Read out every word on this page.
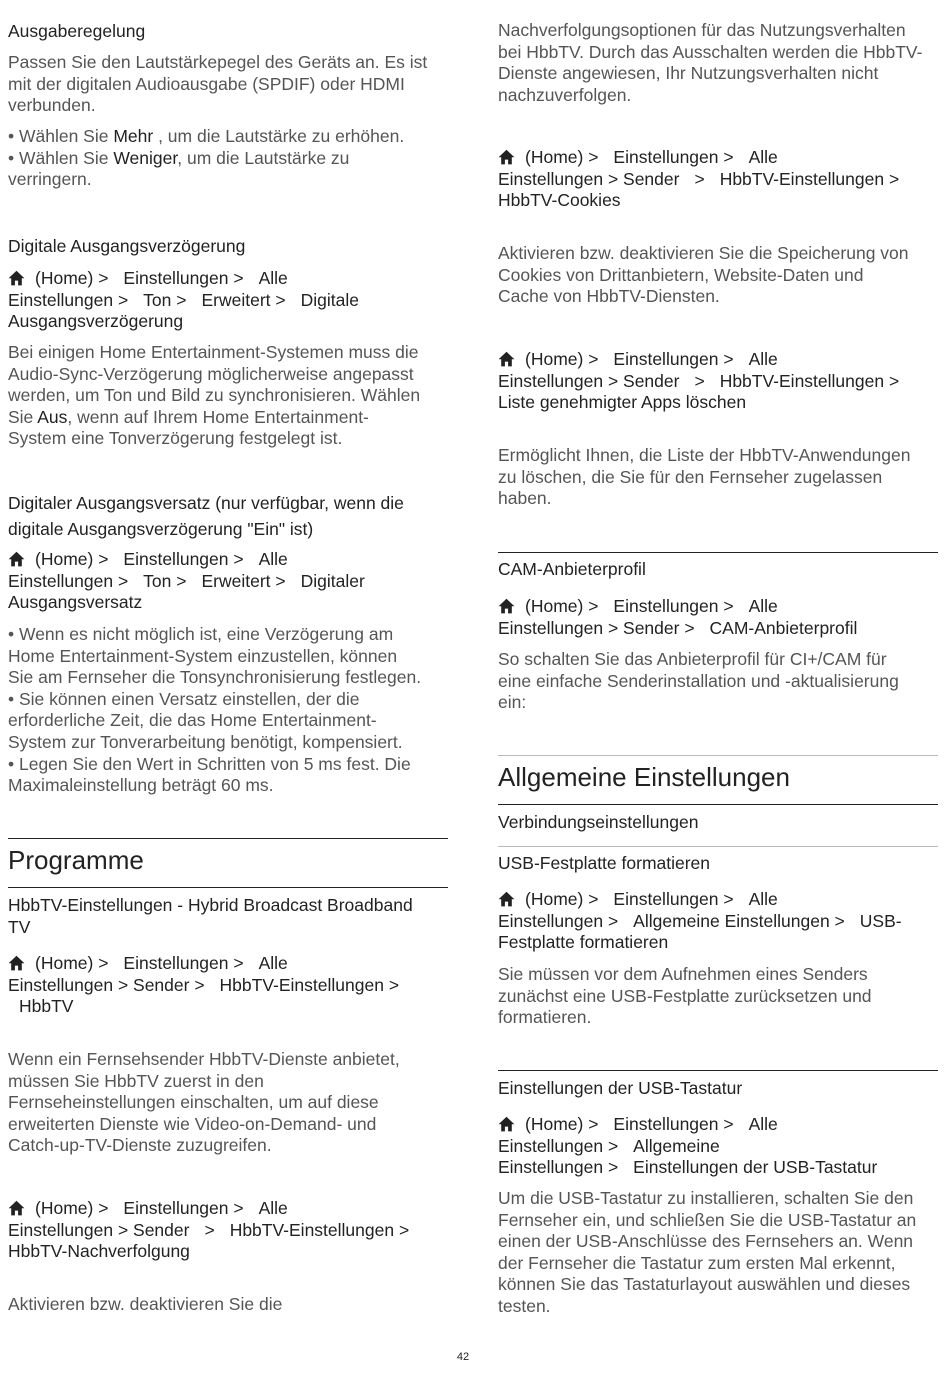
Ausgaberegelung
Passen Sie den Lautstärkepegel des Geräts an. Es ist
mit der digitalen Audioausgabe (SPDIF) oder HDMI
verbunden.
• Wählen Sie Mehr , um die Lautstärke zu erhöhen.
• Wählen Sie Weniger, um die Lautstärke zu
verringern.
Digitale Ausgangsverzögerung
(Home) > Einstellungen > Alle
Einstellungen > Ton > Erweitert > Digitale
Ausgangsverzögerung
Bei einigen Home Entertainment-Systemen muss die
Audio-Sync-Verzögerung möglicherweise angepasst
werden, um Ton und Bild zu synchronisieren. Wählen
Sie Aus, wenn auf Ihrem Home Entertainment-
System eine Tonverzögerung festgelegt ist.
Digitaler Ausgangsversatz (nur verfügbar, wenn die
digitale Ausgangsverzögerung "Ein" ist)
(Home) > Einstellungen > Alle
Einstellungen > Ton > Erweitert > Digitaler
Ausgangsversatz
• Wenn es nicht möglich ist, eine Verzögerung am
Home Entertainment-System einzustellen, können
Sie am Fernseher die Tonsynchronisierung festlegen.
• Sie können einen Versatz einstellen, der die
erforderliche Zeit, die das Home Entertainment-
System zur Tonverarbeitung benötigt, kompensiert.
• Legen Sie den Wert in Schritten von 5 ms fest. Die
Maximaleinstellung beträgt 60 ms.
Programme
HbbTV-Einstellungen - Hybrid Broadcast Broadband
TV
(Home) > Einstellungen > Alle
Einstellungen > Sender > HbbTV-Einstellungen >
HbbTV
Wenn ein Fernsehsender HbbTV-Dienste anbietet,
müssen Sie HbbTV zuerst in den
Fernseheinstellungen einschalten, um auf diese
erweiterten Dienste wie Video-on-Demand- und
Catch-up-TV-Dienste zuzugreifen.
(Home) > Einstellungen > Alle
Einstellungen > Sender > HbbTV-Einstellungen >
HbbTV-Nachverfolgung
Aktivieren bzw. deaktivieren Sie die
Nachverfolgungsoptionen für das Nutzungsverhalten
bei HbbTV. Durch das Ausschalten werden die HbbTV-
Dienste angewiesen, Ihr Nutzungsverhalten nicht
nachzuverfolgen.
(Home) > Einstellungen > Alle
Einstellungen > Sender > HbbTV-Einstellungen >
HbbTV-Cookies
Aktivieren bzw. deaktivieren Sie die Speicherung von
Cookies von Drittanbietern, Website-Daten und
Cache von HbbTV-Diensten.
(Home) > Einstellungen > Alle
Einstellungen > Sender > HbbTV-Einstellungen >
Liste genehmigter Apps löschen
Ermöglicht Ihnen, die Liste der HbbTV-Anwendungen
zu löschen, die Sie für den Fernseher zugelassen
haben.
CAM-Anbieterprofil
(Home) > Einstellungen > Alle
Einstellungen > Sender > CAM-Anbieterprofil
So schalten Sie das Anbieterprofil für CI+/CAM für
eine einfache Senderinstallation und -aktualisierung
ein:
Allgemeine Einstellungen
Verbindungseinstellungen
USB-Festplatte formatieren
(Home) > Einstellungen > Alle
Einstellungen > Allgemeine Einstellungen > USB-
Festplatte formatieren
Sie müssen vor dem Aufnehmen eines Senders
zunächst eine USB-Festplatte zurücksetzen und
formatieren.
Einstellungen der USB-Tastatur
(Home) > Einstellungen > Alle
Einstellungen > Allgemeine
Einstellungen > Einstellungen der USB-Tastatur
Um die USB-Tastatur zu installieren, schalten Sie den
Fernseher ein, und schließen Sie die USB-Tastatur an
einen der USB-Anschlüsse des Fernsehers an. Wenn
der Fernseher die Tastatur zum ersten Mal erkennt,
können Sie das Tastaturlayout auswählen und dieses
testen.
42
